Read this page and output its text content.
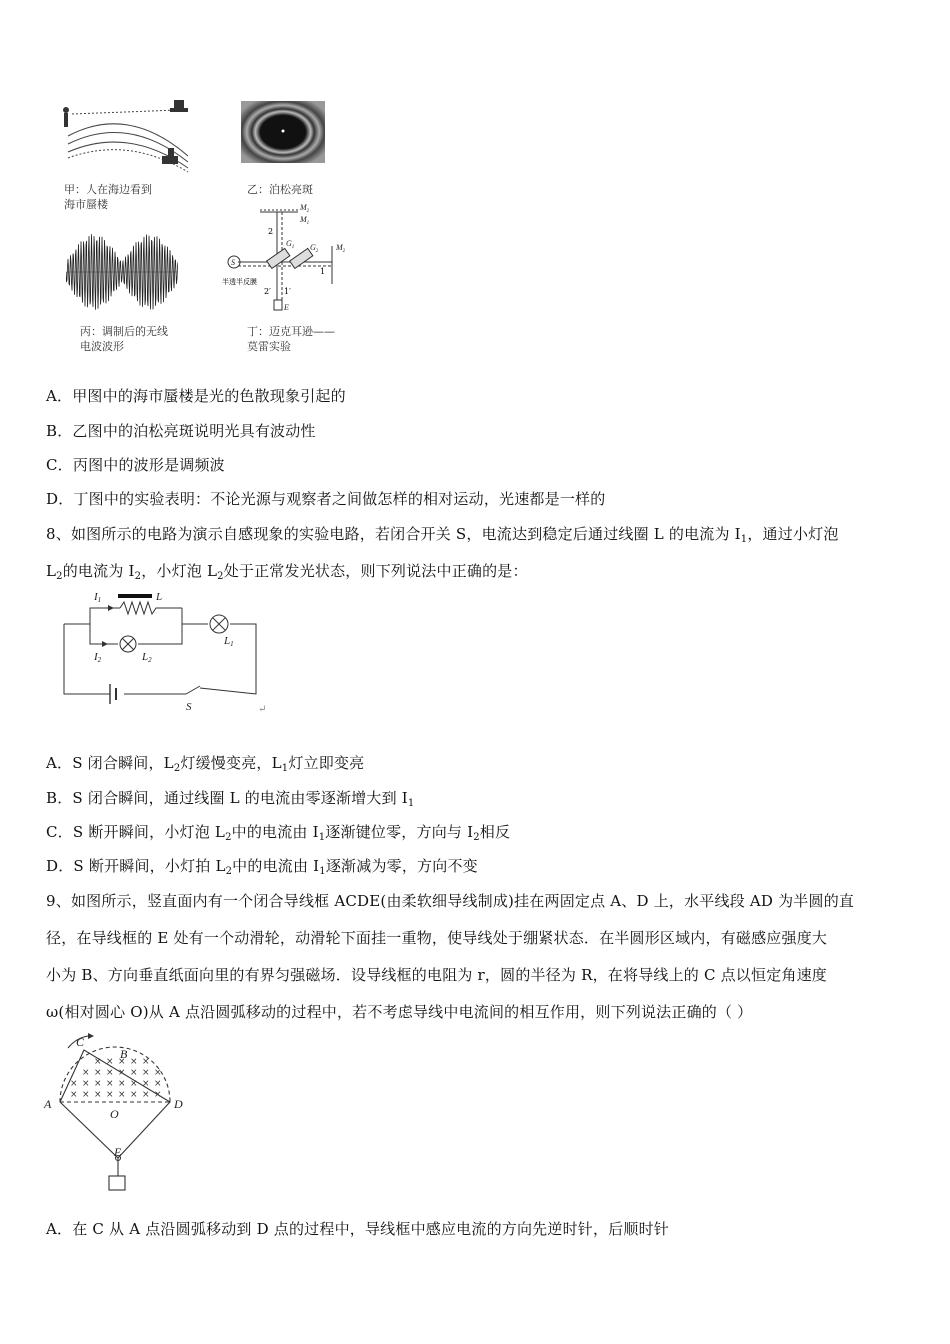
甲：人在海边看到
海市蜃楼
乙：泊松亮斑
丙：调制后的无线
电波波形
$M_2$
$M_1$
$G_1$ $G_2$ $M_2$
S
E
2
1
2′ 1′
半透半反膜
丁：迈克耳逊——
莫雷实验
A．甲图中的海市蜃楼是光的色散现象引起的
B．乙图中的泊松亮斑说明光具有波动性
C．丙图中的波形是调频波
D．丁图中的实验表明：不论光源与观察者之间做怎样的相对运动，光速都是一样的
8、如图所示的电路为演示自感现象的实验电路，若闭合开关 S，电流达到稳定后通过线圈 L 的电流为 $I_1$，通过小灯泡
$L_2$的电流为 $I_2$，小灯泡 $L_2$处于正常发光状态，则下列说法中正确的是：
I1	L
I2	L2
L1
S	↵
A．S 闭合瞬间，$L_2$灯缓慢变亮，$L_1$灯立即变亮
B．S 闭合瞬间，通过线圈 L 的电流由零逐渐增大到 $I_1$
C．S 断开瞬间，小灯泡 $L_2$中的电流由 $I_1$逐渐键位零，方向与 $I_2$相反
D．S 断开瞬间，小灯拍 $L_2$中的电流由 $I_1$逐渐减为零，方向不变
9、如图所示，竖直面内有一个闭合导线框 ACDE(由柔软细导线制成)挂在两固定点 A、D 上，水平线段 AD 为半圆的直
径，在导线框的 E 处有一个动滑轮，动滑轮下面挂一重物，使导线处于绷紧状态．在半圆形区域内，有磁感应强度大
小为 B、方向垂直纸面向里的有界匀强磁场．设导线框的电阻为 r，圆的半径为 R，在将导线上的 C 点以恒定角速度
ω(相对圆心 O)从 A 点沿圆弧移动的过程中，若不考虑导线中电流间的相互作用，则下列说法正确的（ ）
× × × × ×
× × × × × × ×
× × × × × × × ×
× × × × × × × ×
C
B
A
O
D
E
A．在 C 从 A 点沿圆弧移动到 D 点的过程中，导线框中感应电流的方向先逆时针，后顺时针
